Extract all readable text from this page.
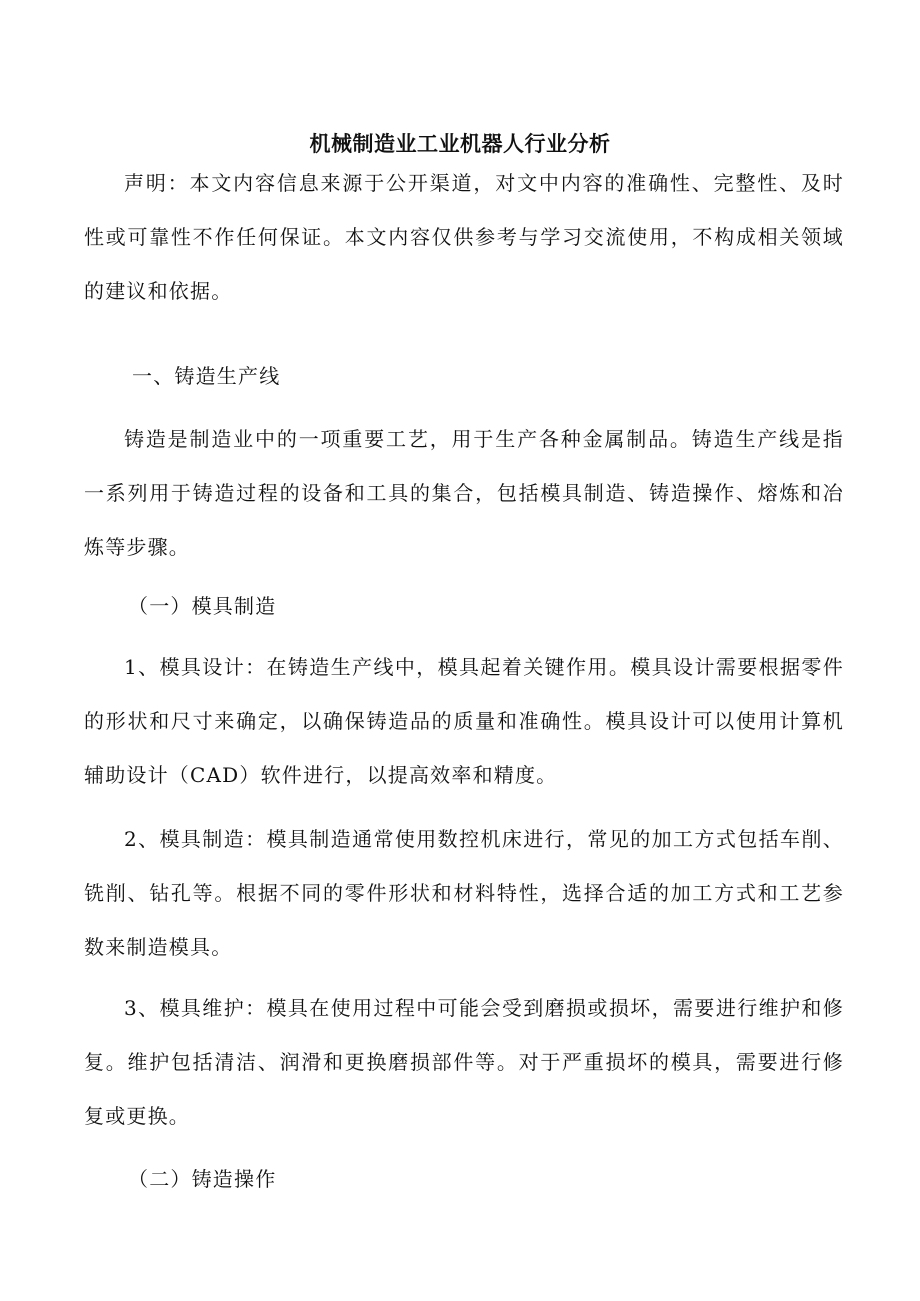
机械制造业工业机器人行业分析

声明：本文内容信息来源于公开渠道，对文中内容的准确性、完整性、及时性或可靠性不作任何保证。本文内容仅供参考与学习交流使用，不构成相关领域的建议和依据。

一、铸造生产线

铸造是制造业中的一项重要工艺，用于生产各种金属制品。铸造生产线是指一系列用于铸造过程的设备和工具的集合，包括模具制造、铸造操作、熔炼和冶炼等步骤。

（一）模具制造

1、模具设计：在铸造生产线中，模具起着关键作用。模具设计需要根据零件的形状和尺寸来确定，以确保铸造品的质量和准确性。模具设计可以使用计算机辅助设计（CAD）软件进行，以提高效率和精度。

2、模具制造：模具制造通常使用数控机床进行，常见的加工方式包括车削、铣削、钻孔等。根据不同的零件形状和材料特性，选择合适的加工方式和工艺参数来制造模具。

3、模具维护：模具在使用过程中可能会受到磨损或损坏，需要进行维护和修复。维护包括清洁、润滑和更换磨损部件等。对于严重损坏的模具，需要进行修复或更换。

（二）铸造操作
